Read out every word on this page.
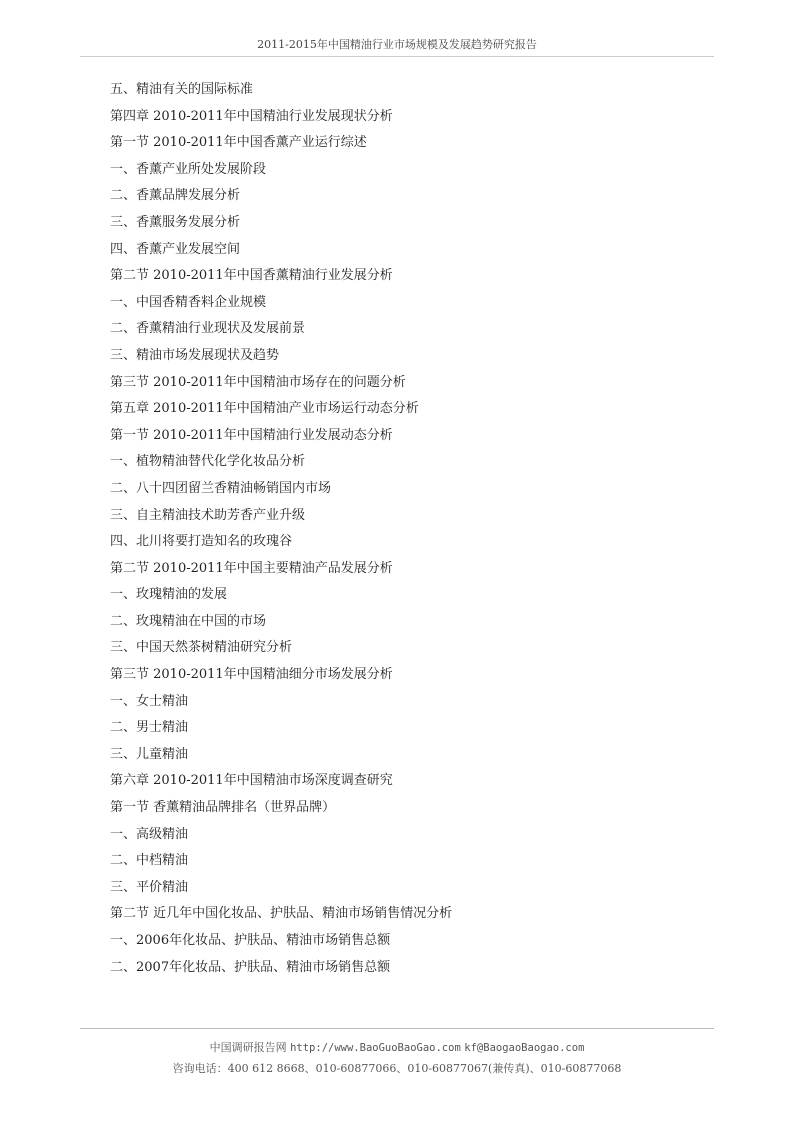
2011-2015年中国精油行业市场规模及发展趋势研究报告
五、精油有关的国际标准
第四章 2010-2011年中国精油行业发展现状分析
第一节 2010-2011年中国香薰产业运行综述
一、香薰产业所处发展阶段
二、香薰品牌发展分析
三、香薰服务发展分析
四、香薰产业发展空间
第二节 2010-2011年中国香薰精油行业发展分析
一、中国香精香料企业规模
二、香薰精油行业现状及发展前景
三、精油市场发展现状及趋势
第三节 2010-2011年中国精油市场存在的问题分析
第五章 2010-2011年中国精油产业市场运行动态分析
第一节 2010-2011年中国精油行业发展动态分析
一、植物精油替代化学化妆品分析
二、八十四团留兰香精油畅销国内市场
三、自主精油技术助芳香产业升级
四、北川将要打造知名的玫瑰谷
第二节 2010-2011年中国主要精油产品发展分析
一、玫瑰精油的发展
二、玫瑰精油在中国的市场
三、中国天然茶树精油研究分析
第三节 2010-2011年中国精油细分市场发展分析
一、女士精油
二、男士精油
三、儿童精油
第六章 2010-2011年中国精油市场深度调查研究
第一节 香薰精油品牌排名（世界品牌）
一、高级精油
二、中档精油
三、平价精油
第二节 近几年中国化妆品、护肤品、精油市场销售情况分析
一、2006年化妆品、护肤品、精油市场销售总额
二、2007年化妆品、护肤品、精油市场销售总额
中国调研报告网 http://www.BaoGuoBaoGao.com kf@BaogaoBaogao.com
咨询电话：400 612 8668、010-60877066、010-60877067(兼传真)、010-60877068
